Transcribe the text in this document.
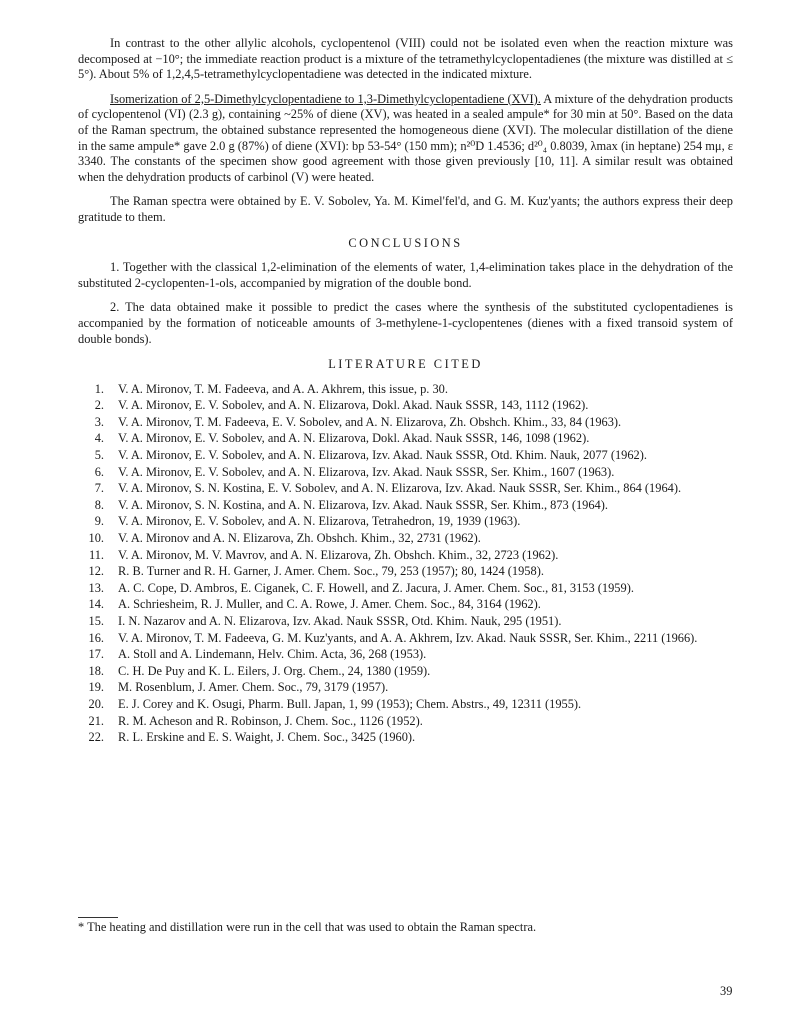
In contrast to the other allylic alcohols, cyclopentenol (VIII) could not be isolated even when the reaction mixture was decomposed at −10°; the immediate reaction product is a mixture of the tetramethylcyclopentadienes (the mixture was distilled at ≤ 5°). About 5% of 1,2,4,5-tetramethylcyclopentadiene was detected in the indicated mixture.

Isomerization of 2,5-Dimethylcyclopentadiene to 1,3-Dimethylcyclopentadiene (XVI). A mixture of the dehydration products of cyclopentenol (VI) (2.3 g), containing ~25% of diene (XV), was heated in a sealed ampule* for 30 min at 50°. Based on the data of the Raman spectrum, the obtained substance represented the homogeneous diene (XVI). The molecular distillation of the diene in the same ampule* gave 2.0 g (87%) of diene (XVI): bp 53-54° (150 mm); n²⁰D 1.4536; d²⁰₄ 0.8039, λmax (in heptane) 254 mμ, ε 3340. The constants of the specimen show good agreement with those given previously [10, 11]. A similar result was obtained when the dehydration products of carbinol (V) were heated.

The Raman spectra were obtained by E. V. Sobolev, Ya. M. Kimel'fel'd, and G. M. Kuz'yants; the authors express their deep gratitude to them.

CONCLUSIONS

1. Together with the classical 1,2-elimination of the elements of water, 1,4-elimination takes place in the dehydration of the substituted 2-cyclopenten-1-ols, accompanied by migration of the double bond.

2. The data obtained make it possible to predict the cases where the synthesis of the substituted cyclopentadienes is accompanied by the formation of noticeable amounts of 3-methylene-1-cyclopentenes (dienes with a fixed transoid system of double bonds).

LITERATURE CITED
1.	V. A. Mironov, T. M. Fadeeva, and A. A. Akhrem, this issue, p. 30.
2.	V. A. Mironov, E. V. Sobolev, and A. N. Elizarova, Dokl. Akad. Nauk SSSR, 143, 1112 (1962).
3.	V. A. Mironov, T. M. Fadeeva, E. V. Sobolev, and A. N. Elizarova, Zh. Obshch. Khim., 33, 84 (1963).
4.	V. A. Mironov, E. V. Sobolev, and A. N. Elizarova, Dokl. Akad. Nauk SSSR, 146, 1098 (1962).
5.	V. A. Mironov, E. V. Sobolev, and A. N. Elizarova, Izv. Akad. Nauk SSSR, Otd. Khim. Nauk, 2077 (1962).
6.	V. A. Mironov, E. V. Sobolev, and A. N. Elizarova, Izv. Akad. Nauk SSSR, Ser. Khim., 1607 (1963).
7.	V. A. Mironov, S. N. Kostina, E. V. Sobolev, and A. N. Elizarova, Izv. Akad. Nauk SSSR, Ser. Khim., 864 (1964).
8.	V. A. Mironov, S. N. Kostina, and A. N. Elizarova, Izv. Akad. Nauk SSSR, Ser. Khim., 873 (1964).
9.	V. A. Mironov, E. V. Sobolev, and A. N. Elizarova, Tetrahedron, 19, 1939 (1963).
10.	V. A. Mironov and A. N. Elizarova, Zh. Obshch. Khim., 32, 2731 (1962).
11.	V. A. Mironov, M. V. Mavrov, and A. N. Elizarova, Zh. Obshch. Khim., 32, 2723 (1962).
12.	R. B. Turner and R. H. Garner, J. Amer. Chem. Soc., 79, 253 (1957); 80, 1424 (1958).
13.	A. C. Cope, D. Ambros, E. Ciganek, C. F. Howell, and Z. Jacura, J. Amer. Chem. Soc., 81, 3153 (1959).
14.	A. Schriesheim, R. J. Muller, and C. A. Rowe, J. Amer. Chem. Soc., 84, 3164 (1962).
15.	I. N. Nazarov and A. N. Elizarova, Izv. Akad. Nauk SSSR, Otd. Khim. Nauk, 295 (1951).
16.	V. A. Mironov, T. M. Fadeeva, G. M. Kuz'yants, and A. A. Akhrem, Izv. Akad. Nauk SSSR, Ser. Khim., 2211 (1966).
17.	A. Stoll and A. Lindemann, Helv. Chim. Acta, 36, 268 (1953).
18.	C. H. De Puy and K. L. Eilers, J. Org. Chem., 24, 1380 (1959).
19.	M. Rosenblum, J. Amer. Chem. Soc., 79, 3179 (1957).
20.	E. J. Corey and K. Osugi, Pharm. Bull. Japan, 1, 99 (1953); Chem. Abstrs., 49, 12311 (1955).
21.	R. M. Acheson and R. Robinson, J. Chem. Soc., 1126 (1952).
22.	R. L. Erskine and E. S. Waight, J. Chem. Soc., 3425 (1960).
* The heating and distillation were run in the cell that was used to obtain the Raman spectra.
39
